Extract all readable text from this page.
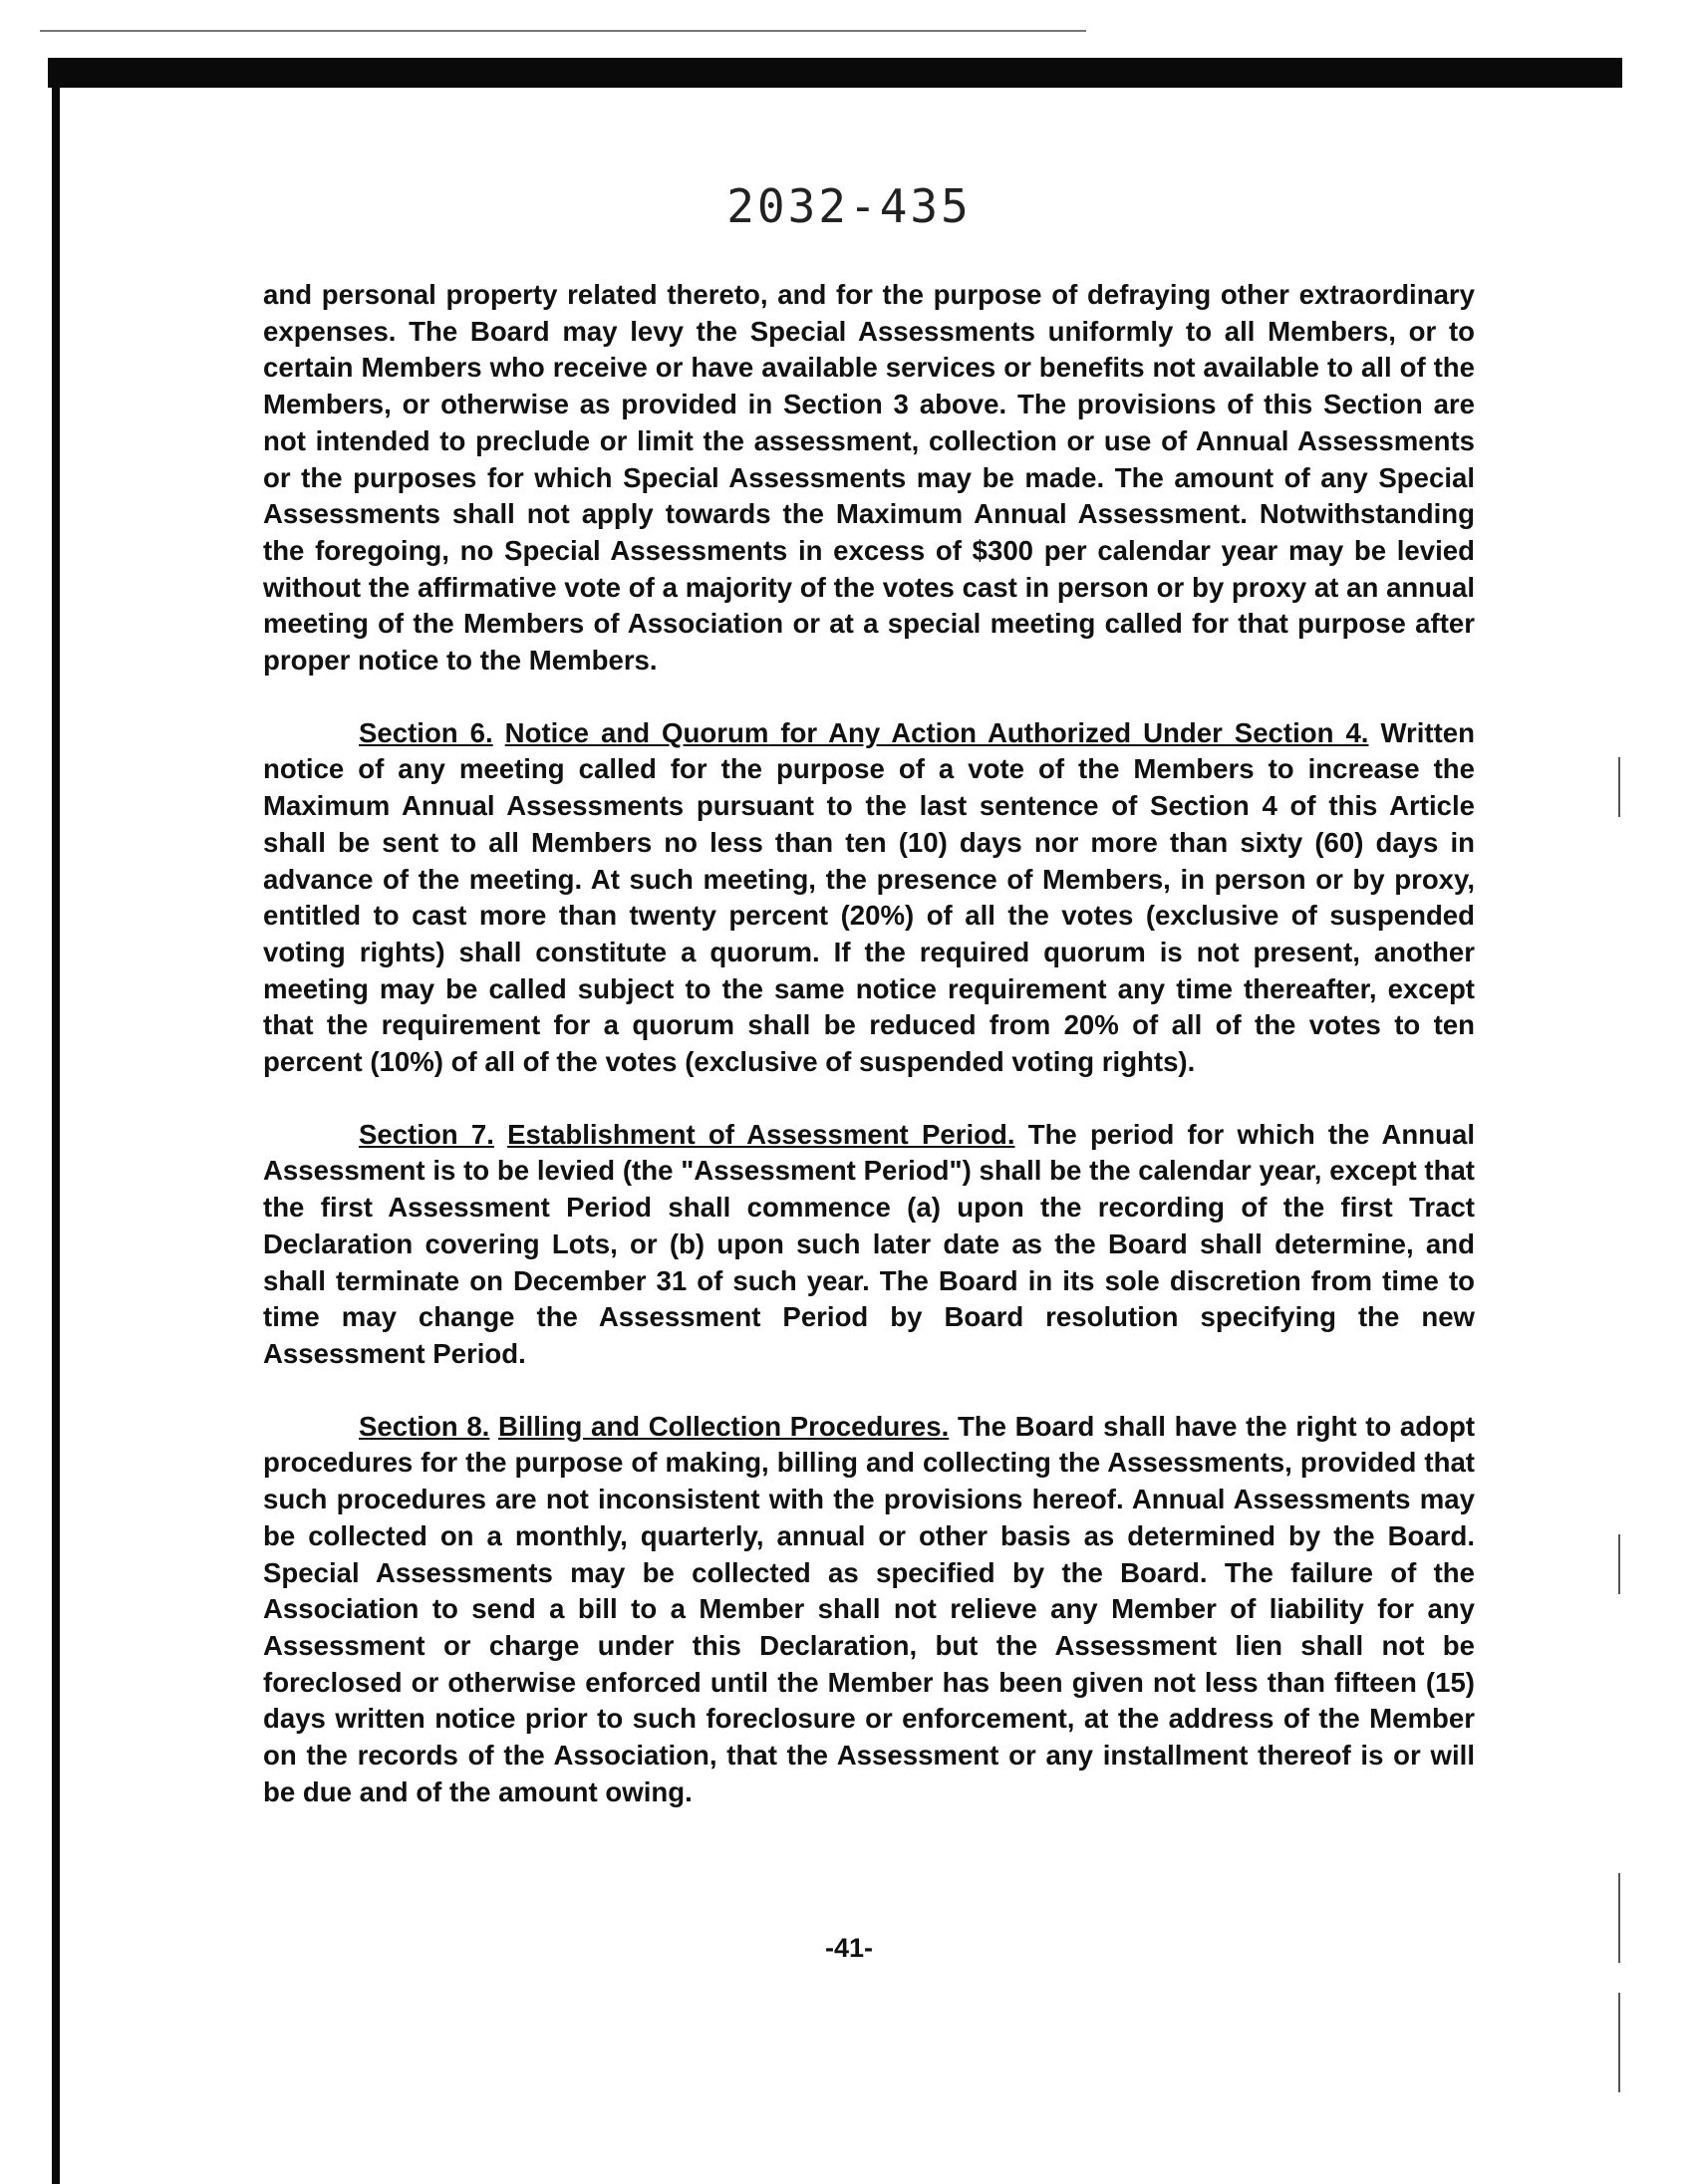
2032-435

and personal property related thereto, and for the purpose of defraying other extraordinary expenses. The Board may levy the Special Assessments uniformly to all Members, or to certain Members who receive or have available services or benefits not available to all of the Members, or otherwise as provided in Section 3 above. The provisions of this Section are not intended to preclude or limit the assessment, collection or use of Annual Assessments or the purposes for which Special Assessments may be made. The amount of any Special Assessments shall not apply towards the Maximum Annual Assessment. Notwithstanding the foregoing, no Special Assessments in excess of $300 per calendar year may be levied without the affirmative vote of a majority of the votes cast in person or by proxy at an annual meeting of the Members of Association or at a special meeting called for that purpose after proper notice to the Members.

Section 6. Notice and Quorum for Any Action Authorized Under Section 4. Written notice of any meeting called for the purpose of a vote of the Members to increase the Maximum Annual Assessments pursuant to the last sentence of Section 4 of this Article shall be sent to all Members no less than ten (10) days nor more than sixty (60) days in advance of the meeting. At such meeting, the presence of Members, in person or by proxy, entitled to cast more than twenty percent (20%) of all the votes (exclusive of suspended voting rights) shall constitute a quorum. If the required quorum is not present, another meeting may be called subject to the same notice requirement any time thereafter, except that the requirement for a quorum shall be reduced from 20% of all of the votes to ten percent (10%) of all of the votes (exclusive of suspended voting rights).

Section 7. Establishment of Assessment Period. The period for which the Annual Assessment is to be levied (the "Assessment Period") shall be the calendar year, except that the first Assessment Period shall commence (a) upon the recording of the first Tract Declaration covering Lots, or (b) upon such later date as the Board shall determine, and shall terminate on December 31 of such year. The Board in its sole discretion from time to time may change the Assessment Period by Board resolution specifying the new Assessment Period.

Section 8. Billing and Collection Procedures. The Board shall have the right to adopt procedures for the purpose of making, billing and collecting the Assessments, provided that such procedures are not inconsistent with the provisions hereof. Annual Assessments may be collected on a monthly, quarterly, annual or other basis as determined by the Board. Special Assessments may be collected as specified by the Board. The failure of the Association to send a bill to a Member shall not relieve any Member of liability for any Assessment or charge under this Declaration, but the Assessment lien shall not be foreclosed or otherwise enforced until the Member has been given not less than fifteen (15) days written notice prior to such foreclosure or enforcement, at the address of the Member on the records of the Association, that the Assessment or any installment thereof is or will be due and of the amount owing.

-41-
